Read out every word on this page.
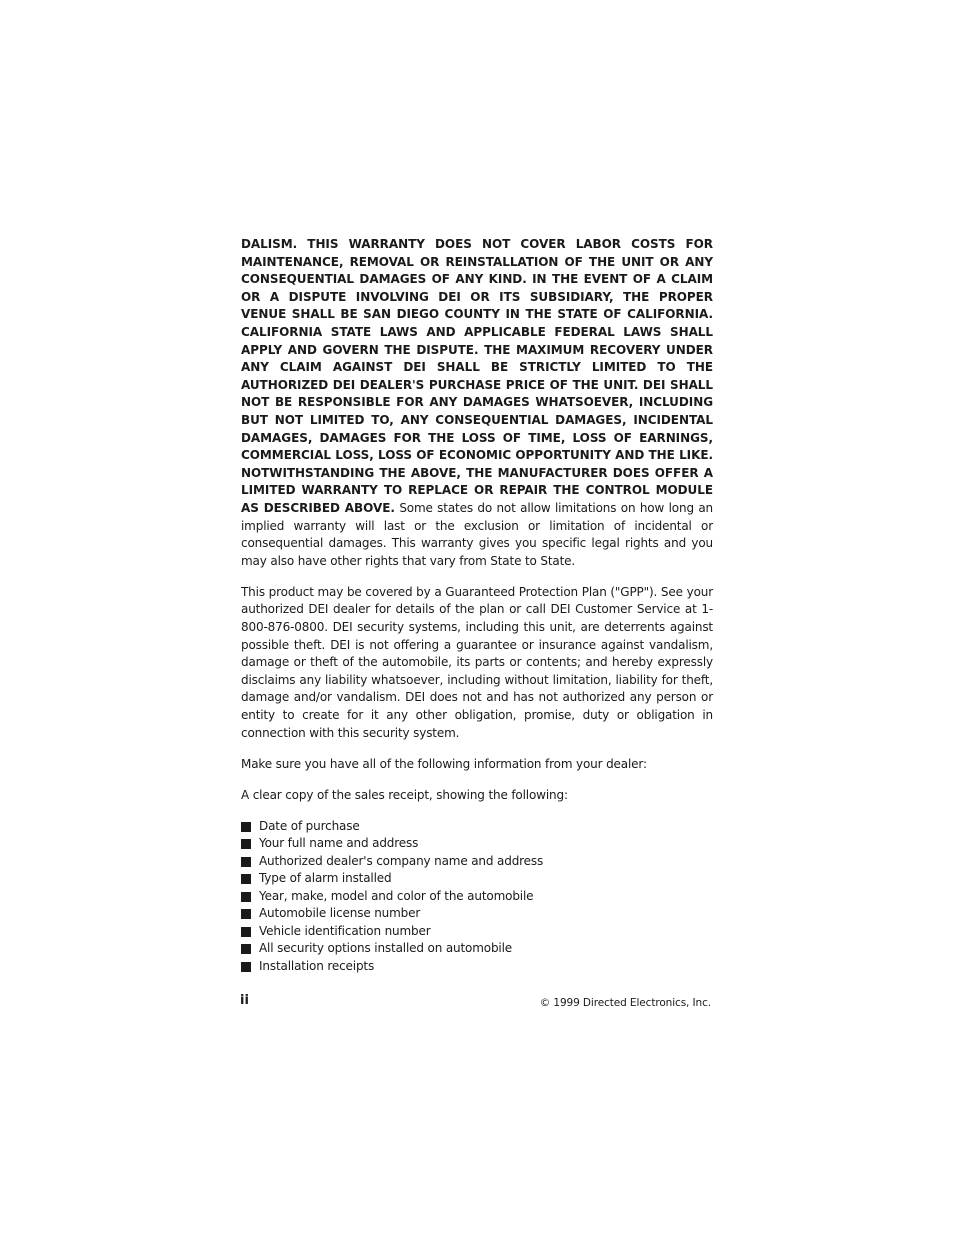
DALISM. THIS WARRANTY DOES NOT COVER LABOR COSTS FOR MAINTENANCE, REMOVAL OR REINSTALLATION OF THE UNIT OR ANY CONSEQUENTIAL DAMAGES OF ANY KIND. IN THE EVENT OF A CLAIM OR A DISPUTE INVOLVING DEI OR ITS SUBSIDIARY, THE PROPER VENUE SHALL BE SAN DIEGO COUNTY IN THE STATE OF CALIFORNIA. CALIFORNIA STATE LAWS AND APPLICABLE FEDERAL LAWS SHALL APPLY AND GOVERN THE DISPUTE. THE MAXIMUM RECOVERY UNDER ANY CLAIM AGAINST DEI SHALL BE STRICTLY LIMITED TO THE AUTHORIZED DEI DEALER'S PURCHASE PRICE OF THE UNIT. DEI SHALL NOT BE RESPONSIBLE FOR ANY DAMAGES WHATSOEVER, INCLUDING BUT NOT LIMITED TO, ANY CONSEQUENTIAL DAMAGES, INCIDENTAL DAMAGES, DAMAGES FOR THE LOSS OF TIME, LOSS OF EARNINGS, COMMERCIAL LOSS, LOSS OF ECONOMIC OPPORTUNITY AND THE LIKE. NOTWITHSTANDING THE ABOVE, THE MANUFACTURER DOES OFFER A LIMITED WARRANTY TO REPLACE OR REPAIR THE CONTROL MODULE AS DESCRIBED ABOVE. Some states do not allow limitations on how long an implied warranty will last or the exclusion or limitation of incidental or consequential damages. This warranty gives you specific legal rights and you may also have other rights that vary from State to State.

This product may be covered by a Guaranteed Protection Plan ("GPP"). See your authorized DEI dealer for details of the plan or call DEI Customer Service at 1-800-876-0800. DEI security systems, including this unit, are deterrents against possible theft. DEI is not offering a guarantee or insurance against vandalism, damage or theft of the automobile, its parts or contents; and hereby expressly disclaims any liability whatsoever, including without limitation, liability for theft, damage and/or vandalism. DEI does not and has not authorized any person or entity to create for it any other obligation, promise, duty or obligation in connection with this security system.

Make sure you have all of the following information from your dealer:

A clear copy of the sales receipt, showing the following:

Date of purchase
Your full name and address
Authorized dealer's company name and address
Type of alarm installed
Year, make, model and color of the automobile
Automobile license number
Vehicle identification number
All security options installed on automobile
Installation receipts
ii	© 1999 Directed Electronics, Inc.
